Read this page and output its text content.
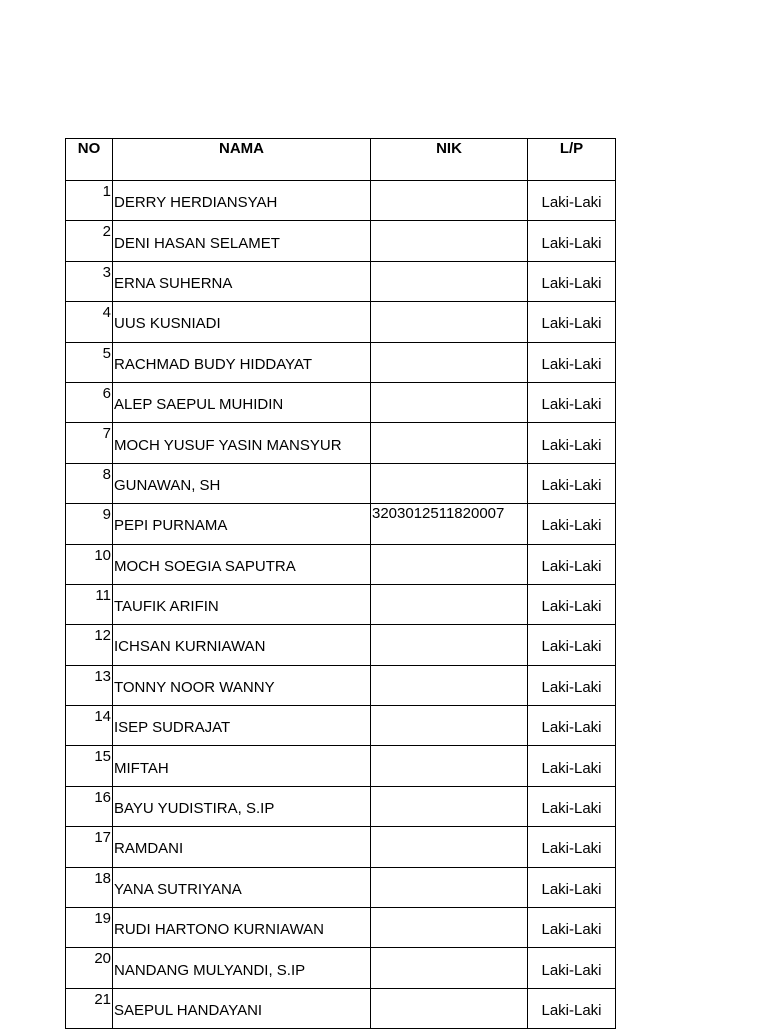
NO	NAMA	NIK	L/P
1	DERRY HERDIANSYAH		Laki-Laki
2	DENI HASAN SELAMET		Laki-Laki
3	ERNA SUHERNA		Laki-Laki
4	UUS KUSNIADI		Laki-Laki
5	RACHMAD BUDY HIDDAYAT		Laki-Laki
6	ALEP SAEPUL MUHIDIN		Laki-Laki
7	MOCH YUSUF YASIN MANSYUR		Laki-Laki
8	GUNAWAN, SH		Laki-Laki
9	PEPI PURNAMA	3203012511820007	Laki-Laki
10	MOCH SOEGIA SAPUTRA		Laki-Laki
11	TAUFIK ARIFIN		Laki-Laki
12	ICHSAN KURNIAWAN		Laki-Laki
13	TONNY NOOR WANNY		Laki-Laki
14	ISEP SUDRAJAT		Laki-Laki
15	MIFTAH		Laki-Laki
16	BAYU YUDISTIRA, S.IP		Laki-Laki
17	RAMDANI		Laki-Laki
18	YANA SUTRIYANA		Laki-Laki
19	RUDI HARTONO KURNIAWAN		Laki-Laki
20	NANDANG MULYANDI, S.IP		Laki-Laki
21	SAEPUL HANDAYANI		Laki-Laki
